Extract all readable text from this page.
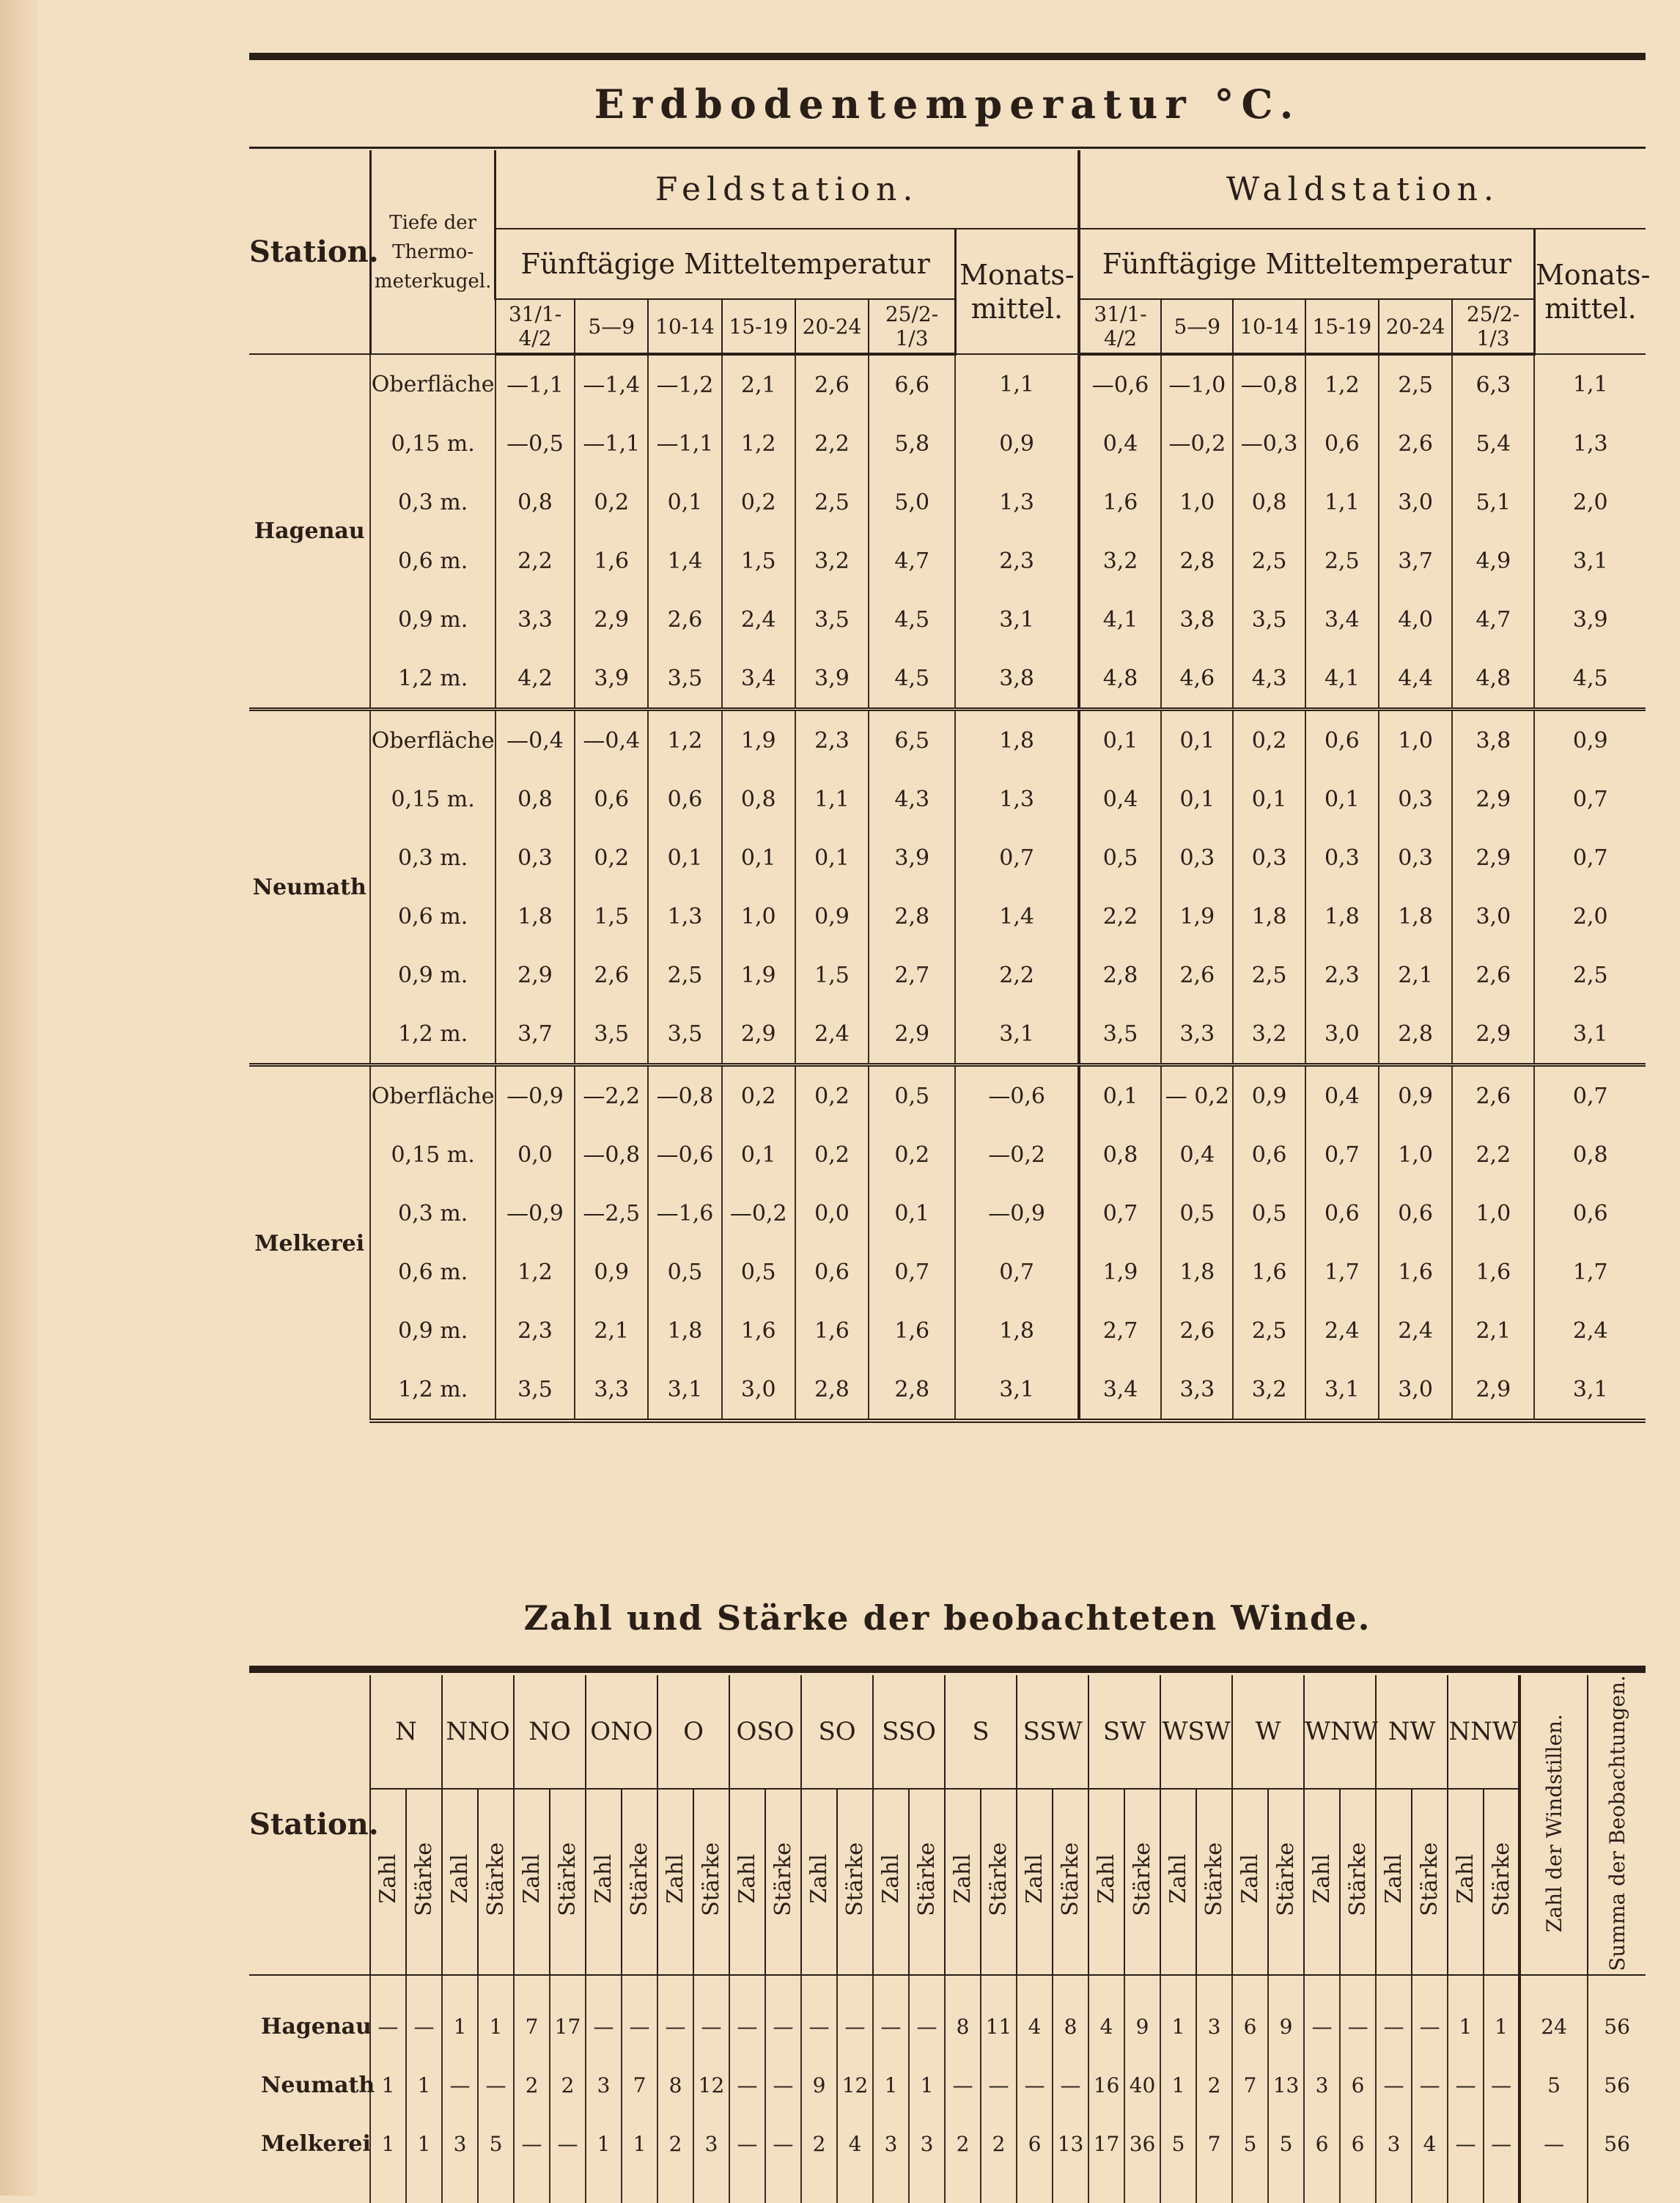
Erdbodentemperatur °C.
Station.	Tiefe der Thermo- meterkugel.	Feldstation.							Waldstation.						
		Fünftägige Mitteltemperatur						Monats- mittel.	Fünftägige Mitteltemperatur						Monats- mittel.
		31/1-4/2	5—9	10-14	15-19	20-24	25/2-1/3		31/1-4/2	5—9	10-14	15-19	20-24	25/2-1/3	
Hagenau	Oberfläche	—1,1	—1,4	—1,2	2,1	2,6	6,6	1,1	—0,6	—1,0	—0,8	1,2	2,5	6,3	1,1
	0,15 m.	—0,5	—1,1	—1,1	1,2	2,2	5,8	0,9	0,4	—0,2	—0,3	0,6	2,6	5,4	1,3
	0,3 m.	0,8	0,2	0,1	0,2	2,5	5,0	1,3	1,6	1,0	0,8	1,1	3,0	5,1	2,0
	0,6 m.	2,2	1,6	1,4	1,5	3,2	4,7	2,3	3,2	2,8	2,5	2,5	3,7	4,9	3,1
	0,9 m.	3,3	2,9	2,6	2,4	3,5	4,5	3,1	4,1	3,8	3,5	3,4	4,0	4,7	3,9
	1,2 m.	4,2	3,9	3,5	3,4	3,9	4,5	3,8	4,8	4,6	4,3	4,1	4,4	4,8	4,5
Neumath	Oberfläche	—0,4	—0,4	1,2	1,9	2,3	6,5	1,8	0,1	0,1	0,2	0,6	1,0	3,8	0,9
	0,15 m.	0,8	0,6	0,6	0,8	1,1	4,3	1,3	0,4	0,1	0,1	0,1	0,3	2,9	0,7
	0,3 m.	0,3	0,2	0,1	0,1	0,1	3,9	0,7	0,5	0,3	0,3	0,3	0,3	2,9	0,7
	0,6 m.	1,8	1,5	1,3	1,0	0,9	2,8	1,4	2,2	1,9	1,8	1,8	1,8	3,0	2,0
	0,9 m.	2,9	2,6	2,5	1,9	1,5	2,7	2,2	2,8	2,6	2,5	2,3	2,1	2,6	2,5
	1,2 m.	3,7	3,5	3,5	2,9	2,4	2,9	3,1	3,5	3,3	3,2	3,0	2,8	2,9	3,1
Melkerei	Oberfläche	—0,9	—2,2	—0,8	0,2	0,2	0,5	—0,6	0,1	— 0,2	0,9	0,4	0,9	2,6	0,7
	0,15 m.	0,0	—0,8	—0,6	0,1	0,2	0,2	—0,2	0,8	0,4	0,6	0,7	1,0	2,2	0,8
	0,3 m.	—0,9	—2,5	—1,6	—0,2	0,0	0,1	—0,9	0,7	0,5	0,5	0,6	0,6	1,0	0,6
	0,6 m.	1,2	0,9	0,5	0,5	0,6	0,7	0,7	1,9	1,8	1,6	1,7	1,6	1,6	1,7
	0,9 m.	2,3	2,1	1,8	1,6	1,6	1,6	1,8	2,7	2,6	2,5	2,4	2,4	2,1	2,4
	1,2 m.	3,5	3,3	3,1	3,0	2,8	2,8	3,1	3,4	3,3	3,2	3,1	3,0	2,9	3,1
Zahl und Stärke der beobachteten Winde.
Station.	N		NNO		NO		ONO		O		OSO		SO		SSO		S		SSW		SW		WSW		W		WNW		NW		NNW		Zahl der Windstillen.	Summa der Beobachtungen.
	Zahl	Stärke	Zahl	Stärke	Zahl	Stärke	Zahl	Stärke	Zahl	Stärke	Zahl	Stärke	Zahl	Stärke	Zahl	Stärke	Zahl	Stärke	Zahl	Stärke	Zahl	Stärke	Zahl	Stärke	Zahl	Stärke	Zahl	Stärke	Zahl	Stärke	Zahl	Stärke		
Hagenau	—	—	1	1	7	17	—	—	—	—	—	—	—	—	—	—	8	11	4	8	4	9	1	3	6	9	—	—	—	—	1	1	24	56
Neumath	1	1	—	—	2	2	3	7	8	12	—	—	9	12	1	1	—	—	—	—	16	40	1	2	7	13	3	6	—	—	—	—	5	56
Melkerei	1	1	3	5	—	—	1	1	2	3	—	—	2	4	3	3	2	2	6	13	17	36	5	7	5	5	6	6	3	4	—	—	—	56
